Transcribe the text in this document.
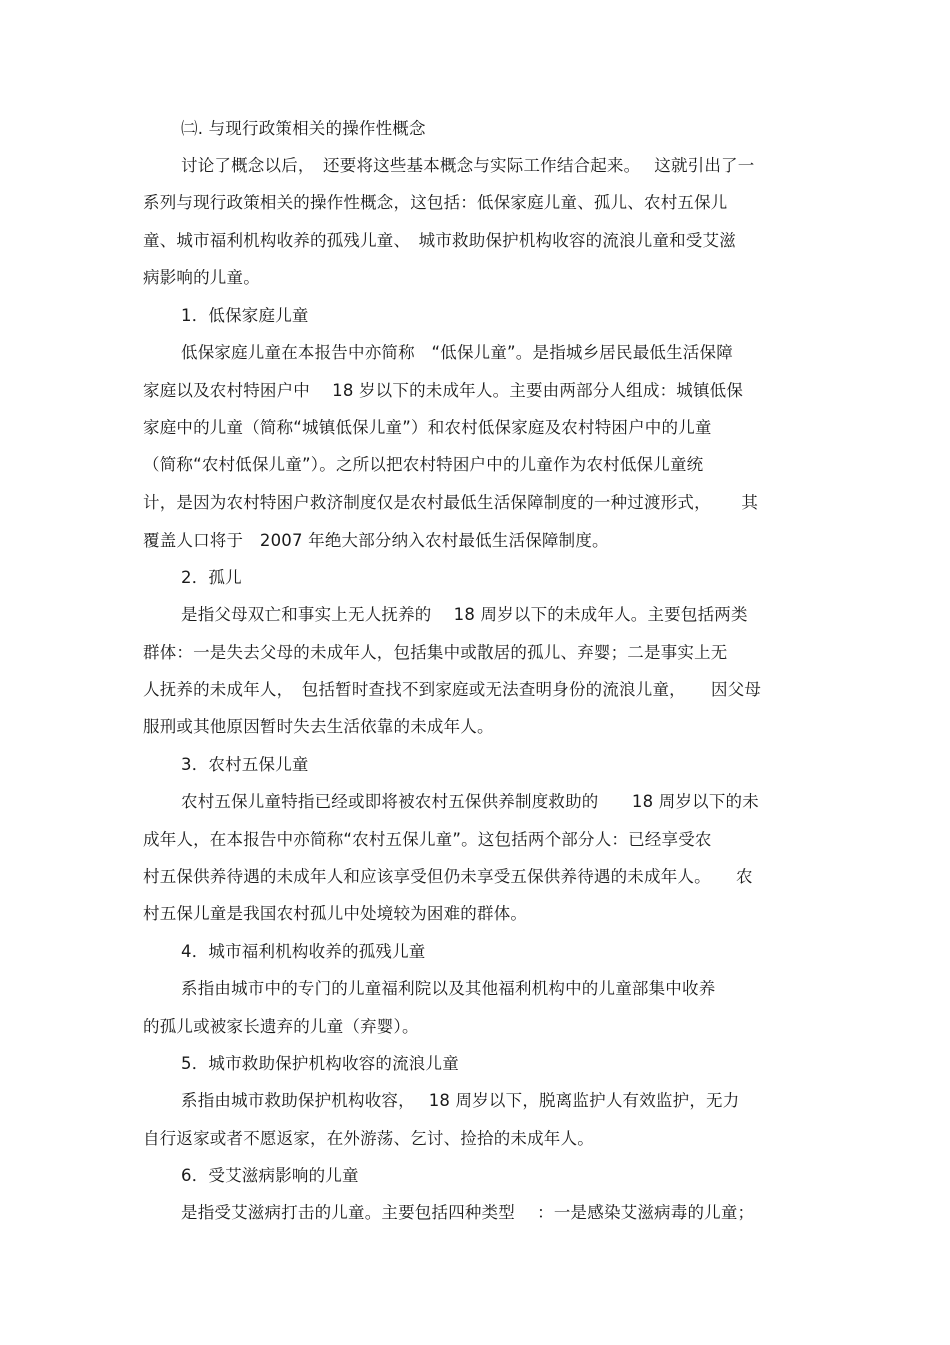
㈡. 与现行政策相关的操作性概念
讨论了概念以后，　还要将这些基本概念与实际工作结合起来。　 这就引出了一
系列与现行政策相关的操作性概念，这包括：低保家庭儿童、孤儿、农村五保儿
童、城市福利机构收养的孤残儿童、　城市救助保护机构收容的流浪儿童和受艾滋
病影响的儿童。
1．低保家庭儿童
低保家庭儿童在本报告中亦简称　“低保儿童”。是指城乡居民最低生活保障
家庭以及农村特困户中　 18 岁以下的未成年人。主要由两部分人组成：城镇低保
家庭中的儿童（简称“城镇低保儿童”）和农村低保家庭及农村特困户中的儿童
（简称“农村低保儿童”）。之所以把农村特困户中的儿童作为农村低保儿童统
计，是因为农村特困户救济制度仅是农村最低生活保障制度的一种过渡形式，　　 其
覆盖人口将于　2007 年绝大部分纳入农村最低生活保障制度。
2．孤儿
是指父母双亡和事实上无人抚养的　 18 周岁以下的未成年人。主要包括两类
群体：一是失去父母的未成年人，包括集中或散居的孤儿、弃婴；二是事实上无
人抚养的未成年人，　包括暂时查找不到家庭或无法查明身份的流浪儿童，　　因父母
服刑或其他原因暂时失去生活依靠的未成年人。
3．农村五保儿童
农村五保儿童特指已经或即将被农村五保供养制度救助的　　18 周岁以下的未
成年人，在本报告中亦简称“农村五保儿童”。这包括两个部分人：已经享受农
村五保供养待遇的未成年人和应该享受但仍未享受五保供养待遇的未成年人。　　农
村五保儿童是我国农村孤儿中处境较为困难的群体。
4．城市福利机构收养的孤残儿童
系指由城市中的专门的儿童福利院以及其他福利机构中的儿童部集中收养
的孤儿或被家长遗弃的儿童（弃婴）。
5．城市救助保护机构收容的流浪儿童
系指由城市救助保护机构收容，　 18 周岁以下，脱离监护人有效监护，无力
自行返家或者不愿返家，在外游荡、乞讨、捡拾的未成年人。
6．受艾滋病影响的儿童
是指受艾滋病打击的儿童。主要包括四种类型　 ：一是感染艾滋病毒的儿童；
